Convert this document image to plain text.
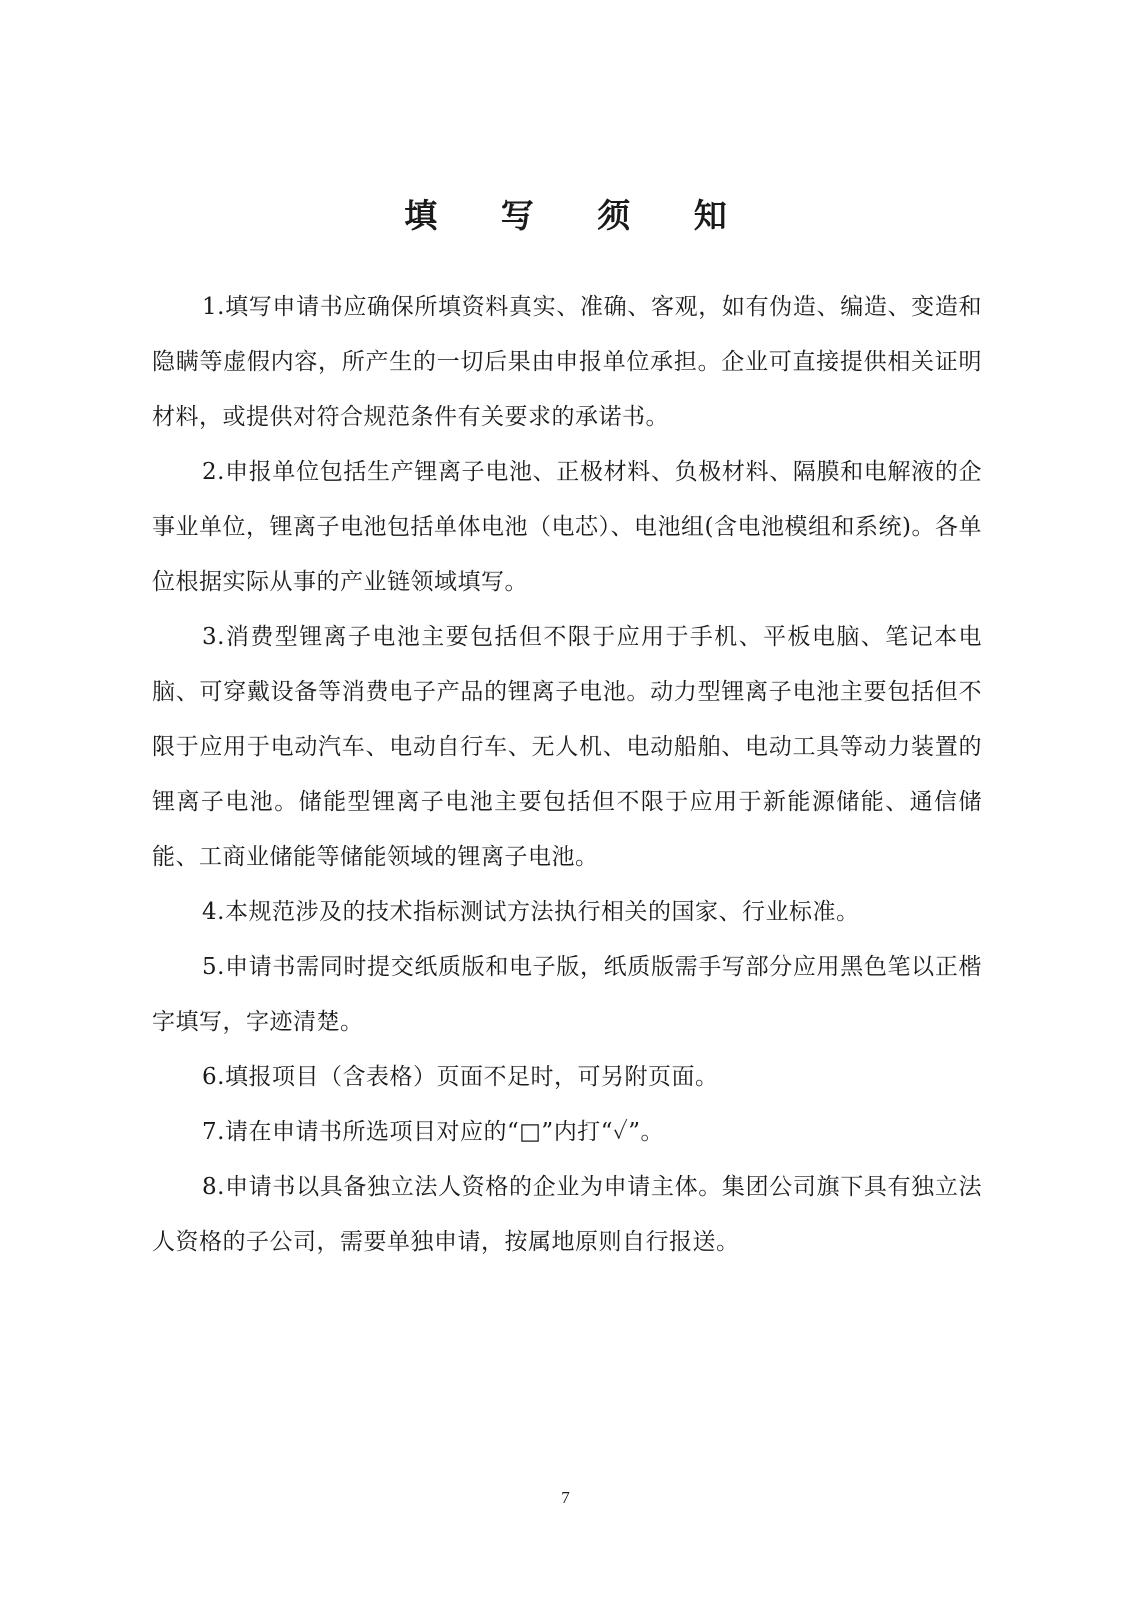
填 写 须 知

1.填写申请书应确保所填资料真实、准确、客观，如有伪造、编造、变造和隐瞒等虚假内容，所产生的一切后果由申报单位承担。企业可直接提供相关证明材料，或提供对符合规范条件有关要求的承诺书。

2.申报单位包括生产锂离子电池、正极材料、负极材料、隔膜和电解液的企事业单位，锂离子电池包括单体电池（电芯）、电池组(含电池模组和系统)。各单位根据实际从事的产业链领域填写。

3.消费型锂离子电池主要包括但不限于应用于手机、平板电脑、笔记本电脑、可穿戴设备等消费电子产品的锂离子电池。动力型锂离子电池主要包括但不限于应用于电动汽车、电动自行车、无人机、电动船舶、电动工具等动力装置的锂离子电池。储能型锂离子电池主要包括但不限于应用于新能源储能、通信储能、工商业储能等储能领域的锂离子电池。

4.本规范涉及的技术指标测试方法执行相关的国家、行业标准。

5.申请书需同时提交纸质版和电子版，纸质版需手写部分应用黑色笔以正楷字填写，字迹清楚。

6.填报项目（含表格）页面不足时，可另附页面。

7.请在申请书所选项目对应的“□”内打“✓”。

8.申请书以具备独立法人资格的企业为申请主体。集团公司旗下具有独立法人资格的子公司，需要单独申请，按属地原则自行报送。

7
